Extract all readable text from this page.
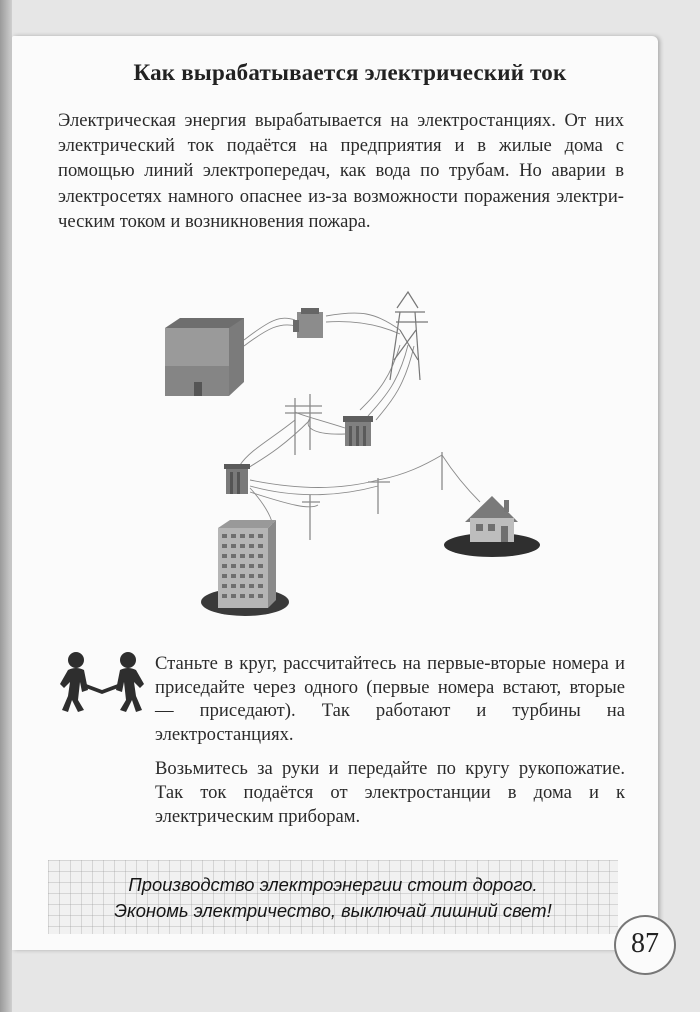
Как вырабатывается электрический ток
Электрическая энергия вырабатывается на электростанциях. От них электрический ток подаётся на предприятия и в жилые дома с помощью линий электропередач, как вода по трубам. Но аварии в электросетях намного опаснее из-за возможности поражения электрическим током и возникновения пожара.

Станьте в круг, рассчитайтесь на первые-вторые номера и приседайте через одного (первые номера встают, вторые — приседают). Так работают и турбины на электростанциях.

Возьмитесь за руки и передайте по кругу рукопожатие. Так ток подаётся от электростанции в дома и к электрическим приборам.

Производство электроэнергии стоит дорого.
Экономь электричество, выключай лишний свет!
87
